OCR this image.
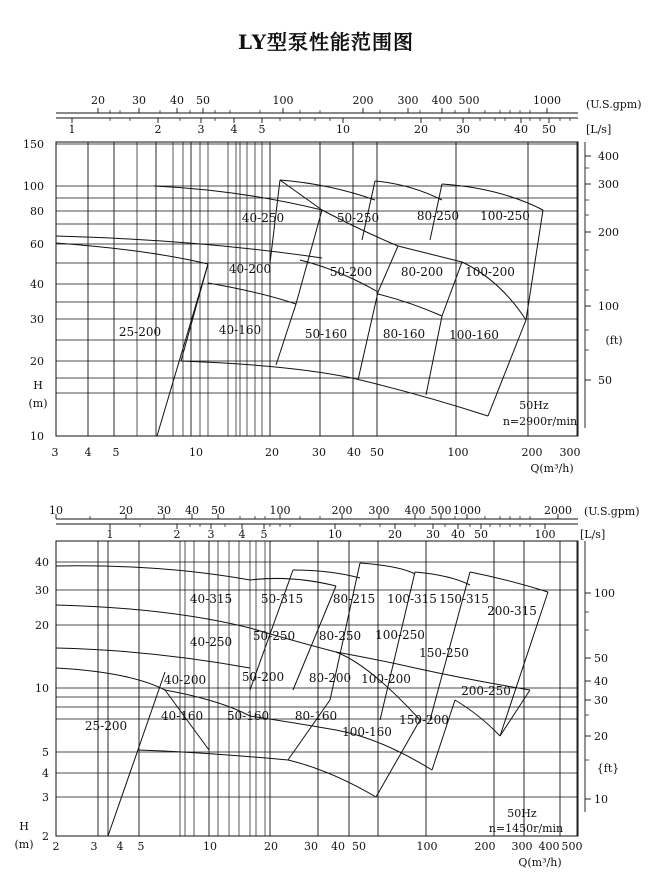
LY型泵性能范围图
20 30 40 50	100	200 300 400 500	1000 (U.S.gpm)
1	2	3 4 5	10	20	30	40 50	[L/s]
150
100
80
60
40
30
20
10
H
(m)
400
300
200
100
50
(ft)
3 4 5	10	20	30 40 50	100	200 300
Q(m³/h)
50Hz
n=2900r/min
40-250	50-250	80-250 100-250
40-200	50-200 80-200 100-200
25-200	40-160	50-160	80-160 100-160
10	20 30 40 50	100	200 300 400 500 1000	2000 (U.S.gpm)
1	2 3 4 5	10	20 30 40 50	100 [L/s]
40
30
20
10
5
4
3
2
H
(m)
100
50
40
30
20
10
{ft}
2	3 4 5	10	20 30 40 50	100	200 300 400 500
Q(m³/h)
50Hz
n=1450r/min
40-315 50-315 80-215 100-315 150-315
200-315
40-250 50-250 80-250 100-250
150-250
40-200	50-200 80-200 100-200
200-250
25-200
40-160 50-160 80-160	150-200
100-160
